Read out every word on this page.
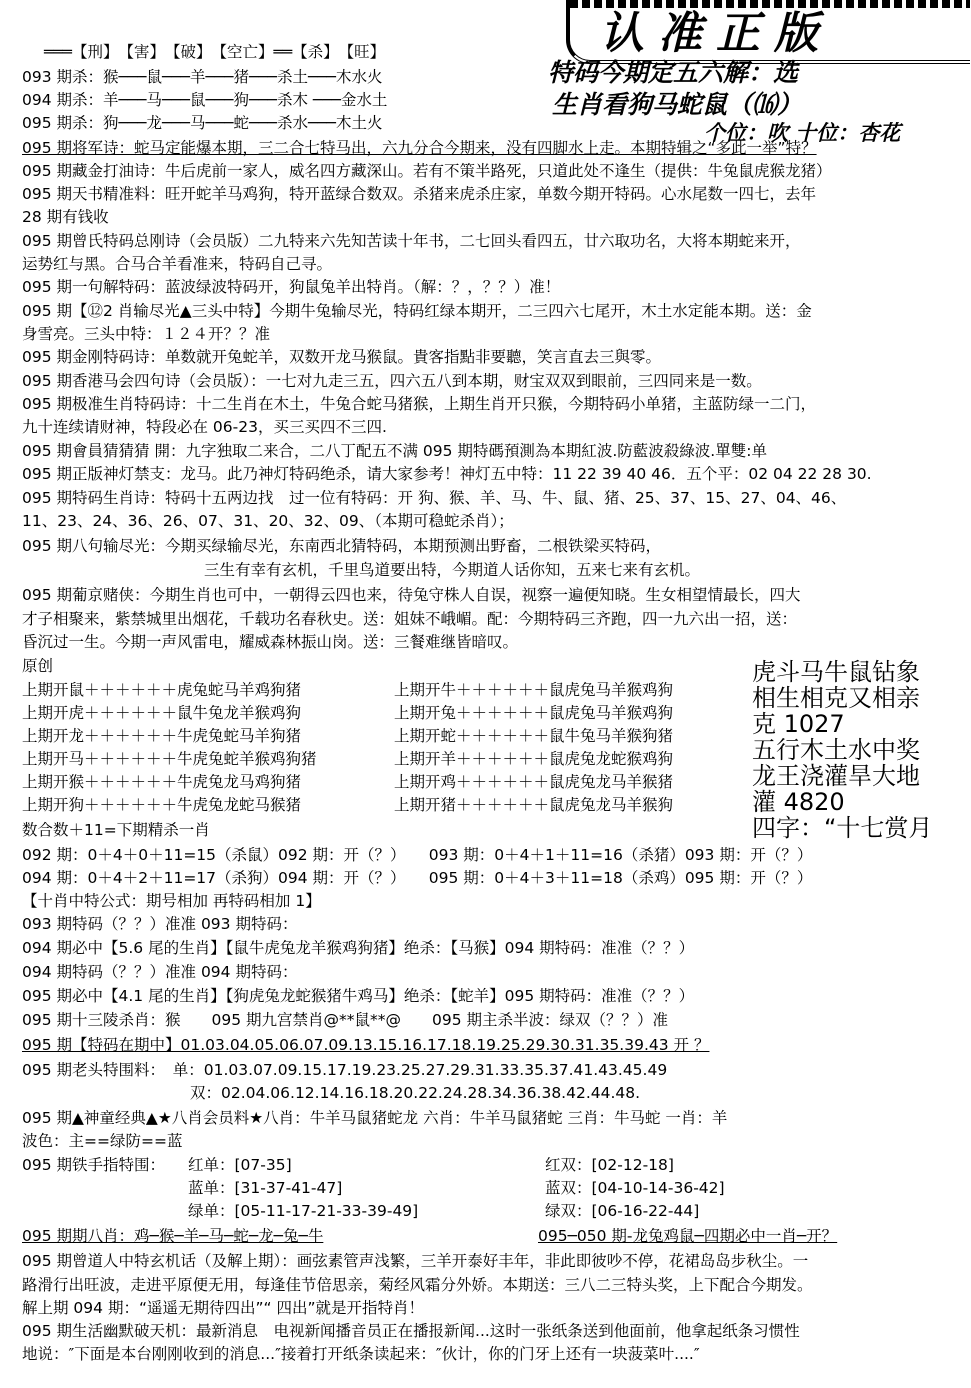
认准正版
═══【刑】　【害】　【破】　【空亡】══【杀】　【旺】
093 期杀：猴───鼠───羊───猪───杀土───木水火
094 期杀：羊───马───鼠───狗───杀木 ───金水土
095 期杀：狗───龙───马───蛇───杀水───木土火
特码今期定五六解：选
生肖看狗马蛇鼠（⒃）
个位：吹 十位：杏花
095 期将军诗：蛇马定能爆本期，三二合七特马出，六九分合今期来，没有四脚水上走。本期特辑之“多此一举”特？
095 期藏金打油诗：牛后虎前一家人，威名四方藏深山。若有不策半路死，只道此处不逢生（提供：牛兔鼠虎猴龙猪）
095 期天书精准料：旺开蛇羊马鸡狗，特开蓝绿合数双。杀猪来虎杀庄家，单数今期开特码。心水尾数一四七，去年
28 期有钱收
095 期曾氏特码总刚诗（会员版）二九特来六先知苦读十年书，二七回头看四五，廿六取功名，大将本期蛇来开，
运势红与黑。合马合羊看准来，特码自己寻。
095 期一句解特码：蓝波绿波特码开，狗鼠兔羊出特肖。（解：？，？？）准！
095 期【⑫2 肖输尽光▲三头中特】今期牛兔输尽光，特码红绿本期开，二三四六七尾开，木土水定能本期。送：金
身雪亮。三头中特：１２４开？？准
095 期金刚特码诗：单数就开兔蛇羊，双数开龙马猴鼠。貴客指點非要聽，笑言直去三與零。
095 期香港马会四句诗（会员版）：一七对九走三五，四六五八到本期，财宝双双到眼前，三四同来是一数。
095 期极准生肖特码诗：十二生肖在木土，牛兔合蛇马猪猴，上期生肖开只猴，今期特码小单猪，主蓝防绿一二门，
九十连续请财神，特段必在 06-23，买三买四不三四.
095 期會員猜猜猜 開：九字独取二来合，二八丁配五不满 095 期特碼預測為本期紅波.防藍波殺綠波.單雙:单
095 期正版神灯禁支：龙马。此乃神灯特码绝杀，请大家参考！神灯五中特：11 22 39 40 46．五个平：02 04 22 28 30.
095 期特码生肖诗：特码十五两边找　过一位有特码：开 狗、猴、羊、马、牛、鼠、猪、25、37、15、27、04、46、
11、23、24、36、26、07、31、20、32、09、（本期可稳蛇杀肖）；
095 期八句输尽光：今期买绿输尽光，东南西北猜特码，本期预测出野畜，二根铁梁买特码，
三生有幸有玄机，千里鸟道要出特，今期道人话你知，五来七来有玄机。
095 期葡京赌侠：今期生肖也可中，一朝得云四也来，待兔守株人自误，视察一遍便知晓。生女相望情最长，四大
才子相聚来，紫禁城里出烟花，千载功名春秋史。送：姐妹不峨嵋。配：今期特码三齐跑，四一九六出一招，送：
昏沉过一生。今期一声风雷电，耀威森林振山岗。送：三餐难继皆暗叹。
原创
上期开鼠＋＋＋＋＋＋虎兔蛇马羊鸡狗猪
上期开虎＋＋＋＋＋＋鼠牛兔龙羊猴鸡狗
上期开龙＋＋＋＋＋＋牛虎兔蛇马羊狗猪
上期开马＋＋＋＋＋＋牛虎兔蛇羊猴鸡狗猪
上期开猴＋＋＋＋＋＋牛虎兔龙马鸡狗猪
上期开狗＋＋＋＋＋＋牛虎兔龙蛇马猴猪
上期开牛＋＋＋＋＋＋鼠虎兔马羊猴鸡狗
上期开兔＋＋＋＋＋＋鼠虎兔马羊猴鸡狗
上期开蛇＋＋＋＋＋＋鼠牛兔马羊猴狗猪
上期开羊＋＋＋＋＋＋鼠虎兔龙蛇猴鸡狗
上期开鸡＋＋＋＋＋＋鼠虎兔龙马羊猴猪
上期开猪＋＋＋＋＋＋鼠虎兔龙马羊猴狗
虎斗马牛鼠钻象
相生相克又相亲
克 1027
五行木土水中奖
龙王浇灌旱大地
灌 4820
四字：“十七赏月
数合数＋11=下期精杀一肖
092 期：0＋4＋0＋11=15（杀鼠）092 期：开（？）　　093 期：0＋4＋1＋11=16（杀猪）093 期：开（？）
094 期：0＋4＋2＋11=17（杀狗）094 期：开（？）　　095 期：0＋4＋3＋11=18（杀鸡）095 期：开（？）
【十肖中特公式：期号相加 再特码相加 1】
093 期特码（？？）准准 093 期特码：
094 期必中【5.6 尾的生肖】【鼠牛虎兔龙羊猴鸡狗猪】绝杀：【马猴】094 期特码：准准（？？）
094 期特码（？？）准准 094 期特码：
095 期必中【4.1 尾的生肖】【狗虎兔龙蛇猴猪牛鸡马】绝杀：【蛇羊】095 期特码：准准（？？）
095 期十三陵杀肖：猴　　095 期九宫禁肖@**鼠**@　　095 期主杀半波：绿双（？？）准
095 期【特码在期中】01.03.04.05.06.07.09.13.15.16.17.18.19.25.29.30.31.35.39.43 开 ？
095 期老头特围料：　单：01.03.07.09.15.17.19.23.25.27.29.31.33.35.37.41.43.45.49
双：02.04.06.12.14.16.18.20.22.24.28.34.36.38.42.44.48.
095 期▲神童经典▲★八肖会员料★八肖：牛羊马鼠猪蛇龙 六肖：牛羊马鼠猪蛇 三肖：牛马蛇 一肖：羊
波色：主==绿防==蓝
095 期铁手指特围： 红单：[07-35]
蓝单：[31-37-41-47]
绿单：[05-11-17-21-33-39-49]
红双：[02-12-18]
蓝双：[04-10-14-36-42]
绿双：[06-16-22-44]
095 期期八肖：鸡─猴─羊─马─蛇─龙─兔─牛	095─050 期-龙兔鸡鼠─四期必中一肖─开？
095 期曾道人中特玄机话（及解上期）：画弦素管声浅繁，三羊开泰好丰年，非此即彼吵不停，花裙岛岛步秋尘。一
路滑行出旺波，走进平原便无用，每逢佳节倍思亲，菊经风霜分外娇。本期送：三八二三特头奖，上下配合今期发。
解上期 094 期：“遥遥无期待四出”“ 四出”就是开指特肖！
095 期生活幽默破天机：最新消息　电视新闻播音员正在播报新闻...这时一张纸条送到他面前，他拿起纸条习惯性
地说：″下面是本台刚刚收到的消息...″接着打开纸条读起来：″伙计，你的门牙上还有一块菠菜叶....″
